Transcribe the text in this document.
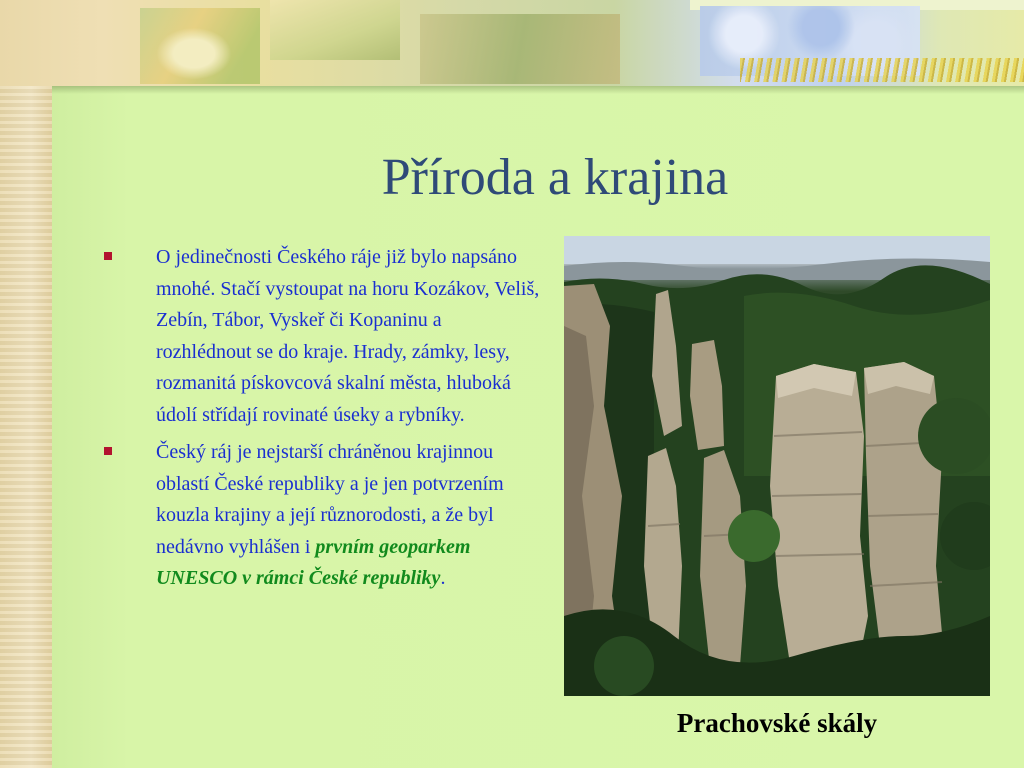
Příroda a krajina
O jedinečnosti Českého ráje již bylo napsáno mnohé. Stačí vystoupat na horu Kozákov, Veliš, Zebín, Tábor, Vyskeř či Kopaninu a rozhlédnout se do kraje. Hrady, zámky, lesy, rozmanitá pískovcová skalní města, hluboká údolí střídají rovinaté úseky a rybníky.
Český ráj je nejstarší chráněnou krajinnou oblastí České republiky a je jen potvrzením kouzla krajiny a její různorodosti, a že byl nedávno vyhlášen i prvním geoparkem UNESCO v rámci České republiky.
Prachovské skály
